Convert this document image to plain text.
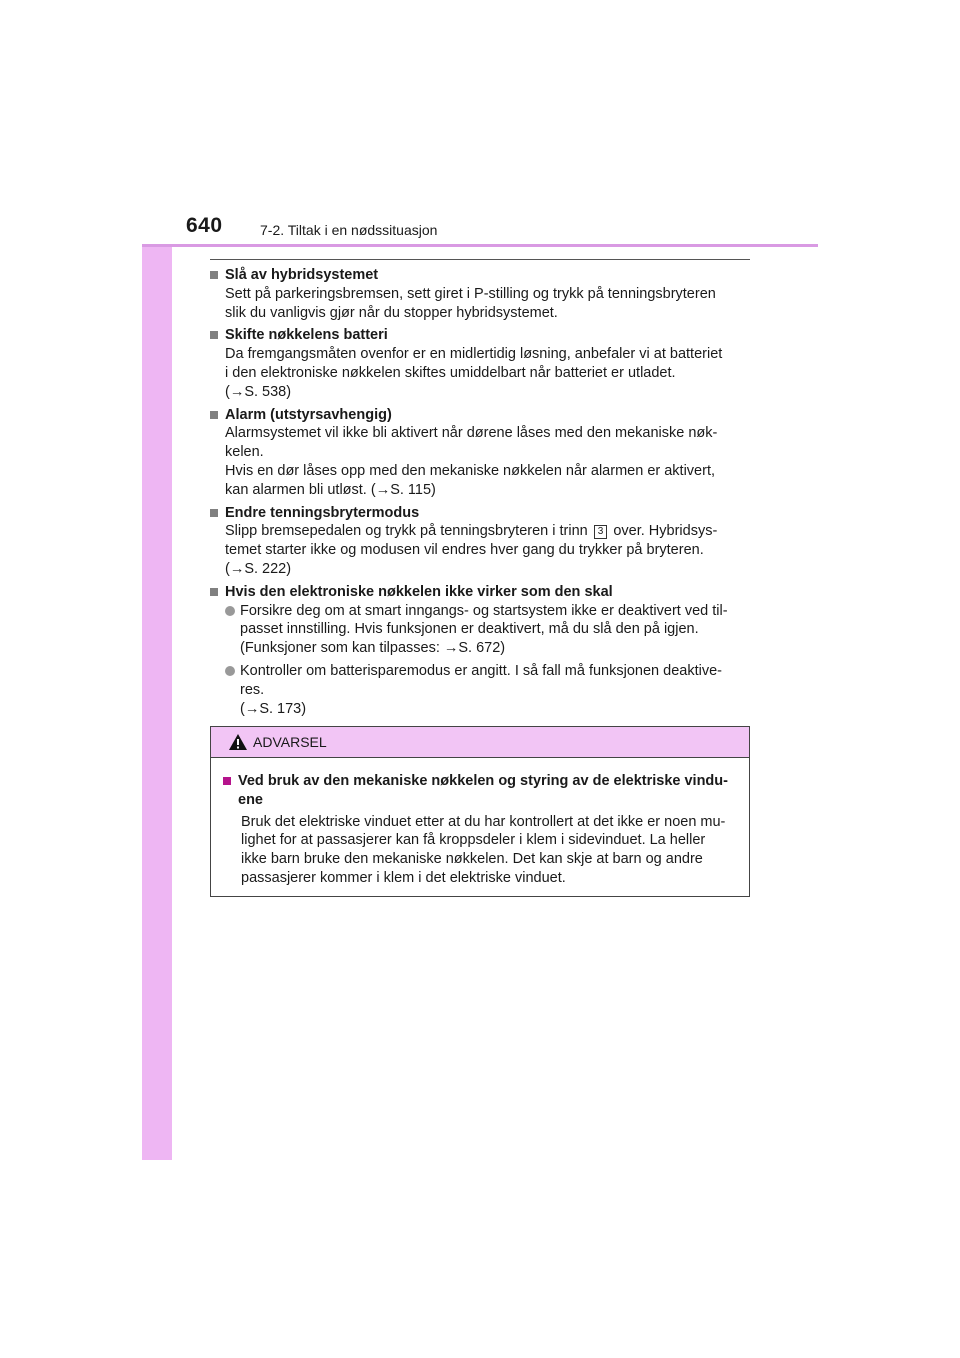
640	7-2. Tiltak i en nødssituasjon
Slå av hybridsystemet
Sett på parkeringsbremsen, sett giret i P-stilling og trykk på tenningsbryteren
slik du vanligvis gjør når du stopper hybridsystemet.
Skifte nøkkelens batteri
Da fremgangsmåten ovenfor er en midlertidig løsning, anbefaler vi at batteriet
i den elektroniske nøkkelen skiftes umiddelbart når batteriet er utladet.
(→S. 538)
Alarm (utstyrsavhengig)
Alarmsystemet vil ikke bli aktivert når dørene låses med den mekaniske nøk-
kelen.
Hvis en dør låses opp med den mekaniske nøkkelen når alarmen er aktivert,
kan alarmen bli utløst. (→S. 115)
Endre tenningsbrytermodus
Slipp bremsepedalen og trykk på tenningsbryteren i trinn 3 over. Hybridsys-
temet starter ikke og modusen vil endres hver gang du trykker på bryteren.
(→S. 222)
Hvis den elektroniske nøkkelen ikke virker som den skal
Forsikre deg om at smart inngangs- og startsystem ikke er deaktivert ved til-
passet innstilling. Hvis funksjonen er deaktivert, må du slå den på igjen.
(Funksjoner som kan tilpasses: →S. 672)
Kontroller om batterisparemodus er angitt. I så fall må funksjonen deaktive-
res.
(→S. 173)
ADVARSEL
Ved bruk av den mekaniske nøkkelen og styring av de elektriske vindu-
ene
Bruk det elektriske vinduet etter at du har kontrollert at det ikke er noen mu-
lighet for at passasjerer kan få kroppsdeler i klem i sidevinduet. La heller
ikke barn bruke den mekaniske nøkkelen. Det kan skje at barn og andre
passasjerer kommer i klem i det elektriske vinduet.
